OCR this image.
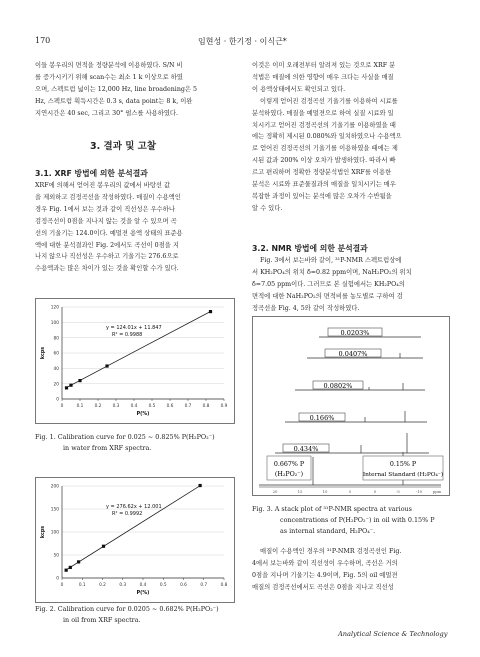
170	임현성 · 한기정 · 이식근*
이들 봉우리의 면적을 정량분석에 이용하였다. S/N 비
를 증가시키기 위해 scan수는 최소 1 k 이상으로 하였
으며, 스펙트럼 넓이는 12,000 Hz, line broadening은 5
Hz, 스펙트럼 획득시간은 0.3 s, data point는 8 k, 이완
지연시간은 40 sec, 그리고 30° 펄스를 사용하였다.
3. 결과 및 고찰
3.1. XRF 방법에 의한 분석결과
XRF에 의해서 얻어진 봉우리의 값에서 바탕선 값
을 제외하고 검정곡선을 작성하였다. 매질이 수용액인
경우 Fig. 1에서 보는 것과 같이 직선성은 우수하나
검정곡선이 0점을 지나지 않는 것을 알 수 있으며 곡
선의 기울기는 124.0이다. 예멀젼 용액 상태의 표준용
액에 대한 분석결과인 Fig. 2에서도 곡선이 0점을 지
나지 않으나 직선성은 우수하고 기울기는 276.6으로
수용액과는 많은 차이가 있는 것을 확인할 수가 있다.
0
20
40
60
80
100
120
0	0.1	0.2	0.3	0.4	0.5	0.6	0.7	0.8	0.9
y = 124.01x + 11.847
R² = 0.9988
P(%)
kcps
Fig. 1. Calibration curve for 0.025 ~ 0.825% P(H₂PO₂⁻)
in water from XRF spectra.
0
50
100
150
200
0	0.1	0.2	0.3	0.4	0.5	0.6	0.7	0.8
y = 276.62x + 12.001
R² = 0.9992
P(%)
kcps
Fig. 2. Calibration curve for 0.0205 ~ 0.682% P(H₂PO₂⁻)
in oil from XRF spectra.
이것은 이미 오래전부터 알려져 있는 것으로 XRF 분
석법은 매질에 의한 영향이 매우 크다는 사실을 매질
이 용액상태에서도 확인되고 있다.
이렇게 얻어진 검정곡선 기울기를 이용하여 시료를
분석하였다. 매질을 예멀젼으로 하여 실질 시료와 일
치시키고 얻어진 검정곡선의 기울기를 이용하였을 때
에는 정확히 제시된 0.080%와 일치하였으나 수용액으
로 얻어진 검정곡선의 기울기를 이용하였을 때에는 제
시된 값과 200% 이상 오차가 발생하였다. 따라서 빠
르고 편리하며 정확한 정량분석법인 XRF를 이용한
분석은 시료와 표준물질과의 매질을 일치시키는 매우
복잡한 과정이 있어는 분석에 많은 오차가 수반됨을
알 수 있다.
3.2. NMR 방법에 의한 분석결과
Fig. 3에서 보는바와 같이, ³¹P-NMR 스펙트럼상에
서 KH₂PO₄의 위치 δ=0.82 ppm이며, NaH₂PO₂의 위치
δ=7.05 ppm이다. 그러므로 본 실험에서는 KH₂PO₄의
면적에 대한 NaH₂PO₂의 면적비를 농도별로 구하여 검
정곡선을 Fig. 4, 5와 같이 작성하였다.
0.0203%
0.0407%
0.0802%
0.166%
0.434%
0.667% P
(H₂PO₂⁻)
0.15% P
Internal Standard (H₂PO₄⁻)
20	15	10	5	0	-5	-10	ppm
Fig. 3. A stack plot of ³¹P-NMR spectra at various
concentrations of P(H₂PO₂⁻) in oil with 0.15% P
as internal standard, H₂PO₄⁻.
매질이 수용액인 경우의 ³¹P-NMR 검정곡선인 Fig.
4에서 보는바와 같이 직선성이 우수하며, 곡선은 거의
0점을 지나며 기울기는 4.9이며, Fig. 5의 oil 예멀젼
매질의 검정곡선에서도 곡선은 0점을 지나고 직선성
Analytical Science & Technology
